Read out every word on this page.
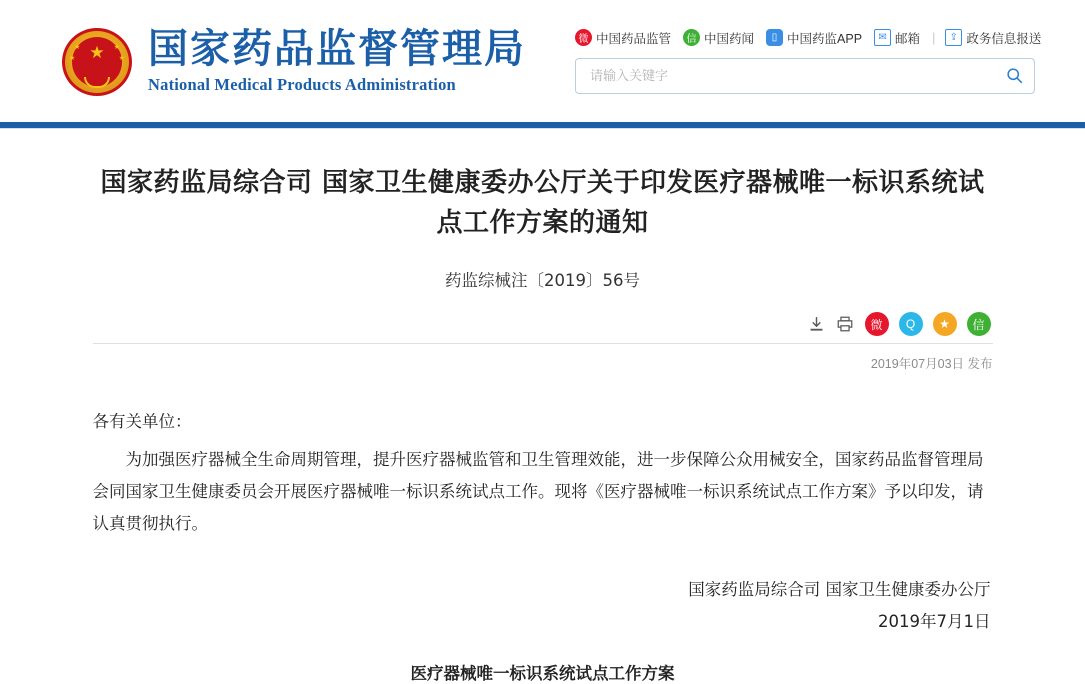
★
★
★
★
★ 国家药品监督管理局
National Medical Products Administration
微 中国药品监管	信 中国药闻	▯ 中国药监APP	✉ 邮箱 |	⇪ 政务信息报送
请输入关键字
国家药监局综合司 国家卫生健康委办公厅关于印发医疗器械唯一标识系统试点工作方案的通知
药监综械注〔2019〕56号
微	Q	★	信
2019年07月03日 发布

各有关单位：

为加强医疗器械全生命周期管理，提升医疗器械监管和卫生管理效能，进一步保障公众用械安全，国家药品监督管理局会同国家卫生健康委员会开展医疗器械唯一标识系统试点工作。现将《医疗器械唯一标识系统试点工作方案》予以印发，请认真贯彻执行。

国家药监局综合司 国家卫生健康委办公厅
2019年7月1日
医疗器械唯一标识系统试点工作方案
